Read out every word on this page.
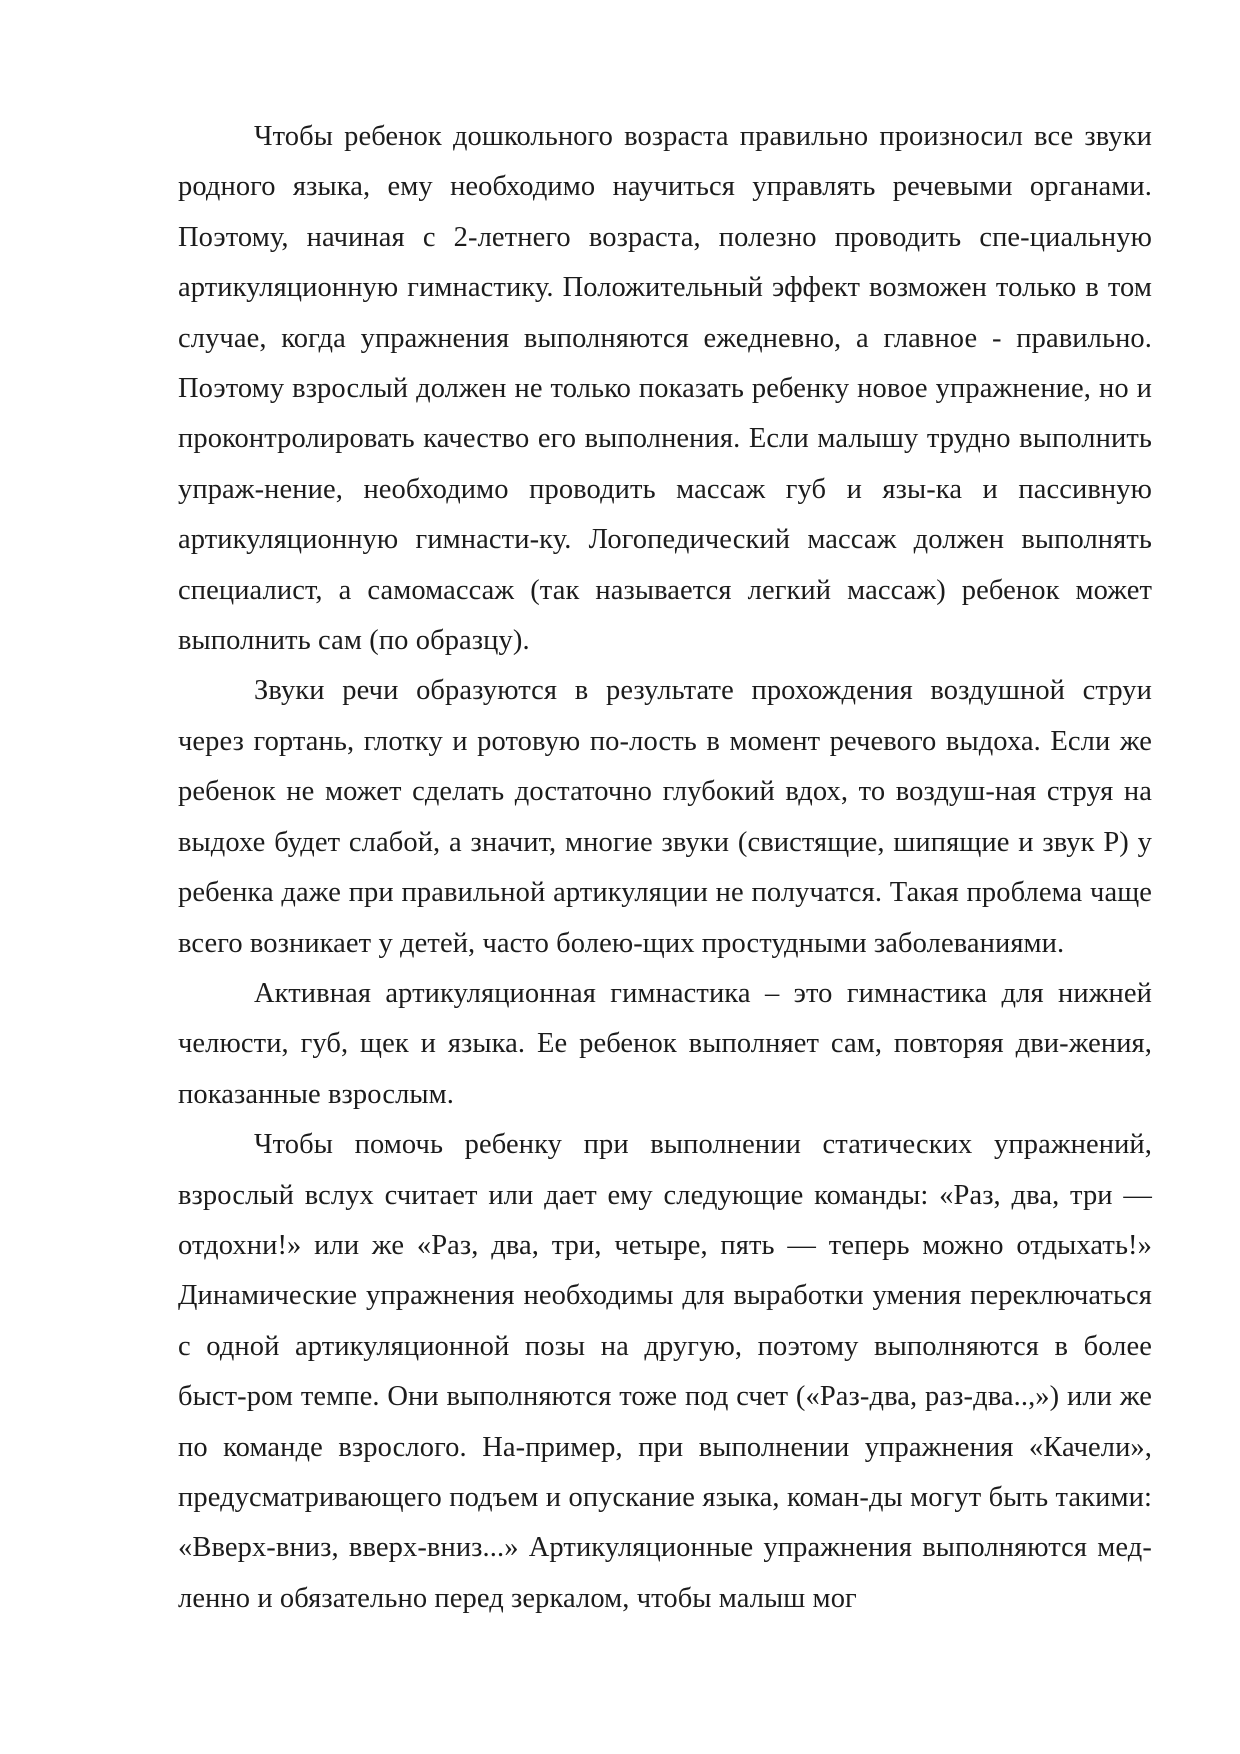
Чтобы ребенок дошкольного возраста правильно произносил все звуки родного языка, ему необходимо научиться управлять речевыми органами. Поэтому, начиная с 2-летнего возраста, полезно проводить спе-циальную артикуляционную гимнастику. Положительный эффект возможен только в том случае, когда упражнения выполняются ежедневно, а главное - правильно. Поэтому взрослый должен не только показать ребенку новое упражнение, но и проконтролировать качество его выполнения. Если малышу трудно выполнить упраж-нение, необходимо проводить массаж губ и язы-ка и пассивную артикуляционную гимнасти-ку. Логопедический массаж должен выполнять специалист, а самомассаж (так называется легкий массаж) ребенок может выполнить сам (по образцу).

Звуки речи образуются в результате прохождения воздушной струи через гортань, глотку и ротовую по-лость в момент речевого выдоха. Если же ребенок не может сделать достаточно глубокий вдох, то воздуш-ная струя на выдохе будет слабой, а значит, многие звуки (свистящие, шипящие и звук Р) у ребенка даже при правильной артикуляции не получатся. Такая проблема чаще всего возникает у детей, часто болею-щих простудными заболеваниями.

Активная артикуляционная гимнастика – это гимнастика для нижней челюсти, губ, щек и языка. Ее ребенок выполняет сам, повторяя дви-жения, показанные взрослым.

Чтобы помочь ребенку при выполнении статических упражнений, взрослый вслух считает или дает ему следующие команды: «Раз, два, три — отдохни!» или же «Раз, два, три, четыре, пять — теперь можно отдыхать!» Динамические упражнения необходимы для выработки умения переключаться с одной артикуляционной позы на другую, поэтому выполняются в более быст-ром темпе. Они выполняются тоже под счет («Раз-два, раз-два..,») или же по команде взрослого. На-пример, при выполнении упражнения «Качели», предусматривающего подъем и опускание языка, коман-ды могут быть такими: «Вверх-вниз, вверх-вниз...» Артикуляционные упражнения выполняются мед-ленно и обязательно перед зеркалом, чтобы малыш мог
